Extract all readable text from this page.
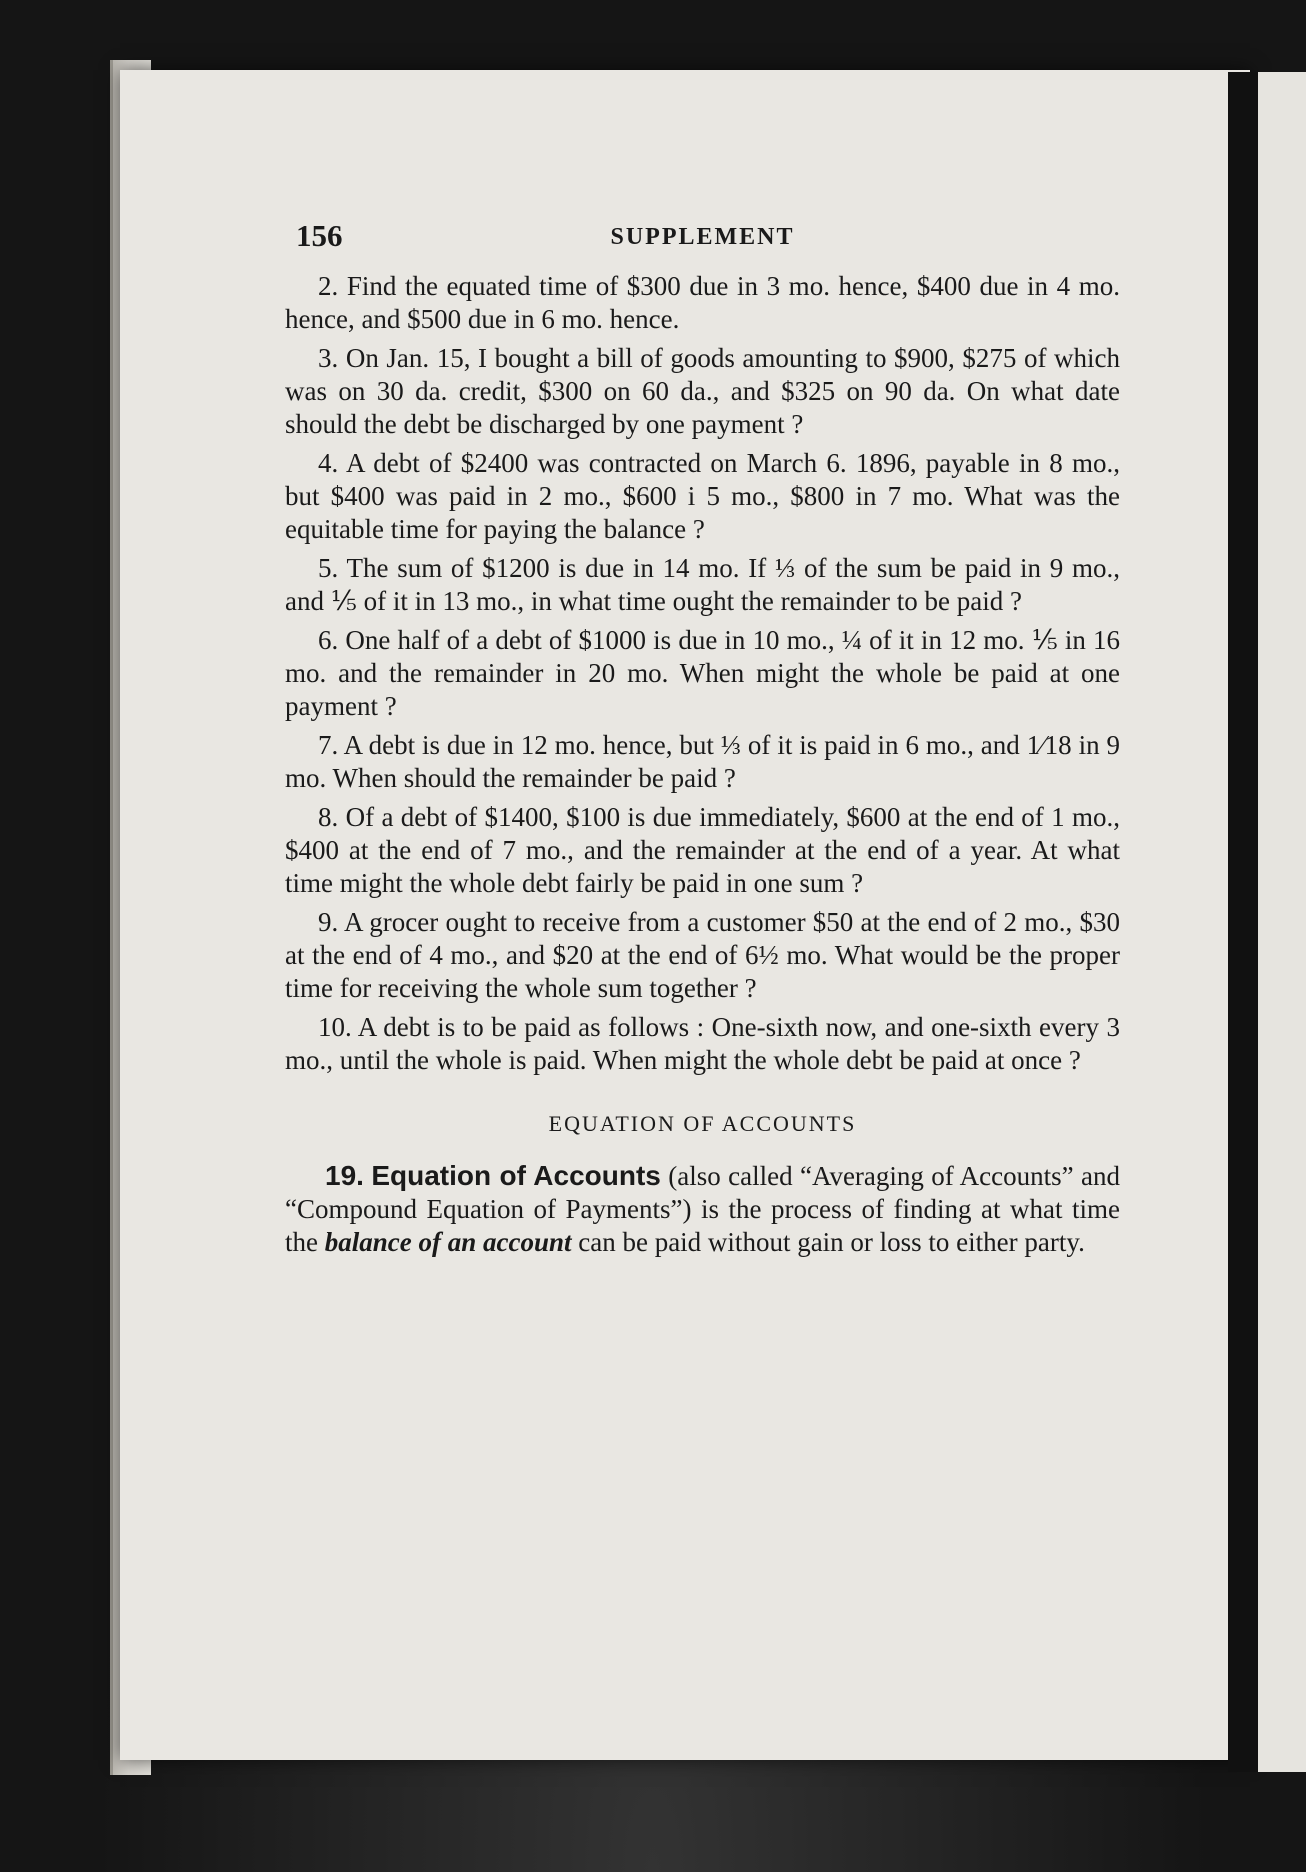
156	SUPPLEMENT

2. Find the equated time of $300 due in 3 mo. hence, $400 due in 4 mo. hence, and $500 due in 6 mo. hence.

3. On Jan. 15, I bought a bill of goods amounting to $900, $275 of which was on 30 da. credit, $300 on 60 da., and $325 on 90 da. On what date should the debt be discharged by one payment ?

4. A debt of $2400 was contracted on March 6. 1896, payable in 8 mo., but $400 was paid in 2 mo., $600 i 5 mo., $800 in 7 mo. What was the equitable time for paying the balance ?

5. The sum of $1200 is due in 14 mo. If ⅓ of the sum be paid in 9 mo., and ⅕ of it in 13 mo., in what time ought the remainder to be paid ?

6. One half of a debt of $1000 is due in 10 mo., ¼ of it in 12 mo. ⅕ in 16 mo. and the remainder in 20 mo. When might the whole be paid at one payment ?

7. A debt is due in 12 mo. hence, but ⅓ of it is paid in 6 mo., and 1⁄18 in 9 mo. When should the remainder be paid ?

8. Of a debt of $1400, $100 is due immediately, $600 at the end of 1 mo., $400 at the end of 7 mo., and the remainder at the end of a year. At what time might the whole debt fairly be paid in one sum ?

9. A grocer ought to receive from a customer $50 at the end of 2 mo., $30 at the end of 4 mo., and $20 at the end of 6½ mo. What would be the proper time for receiving the whole sum together ?

10. A debt is to be paid as follows : One-sixth now, and one-sixth every 3 mo., until the whole is paid. When might the whole debt be paid at once ?

EQUATION OF ACCOUNTS

19. Equation of Accounts (also called “Averaging of Accounts” and “Compound Equation of Payments”) is the process of finding at what time the balance of an account can be paid without gain or loss to either party.
